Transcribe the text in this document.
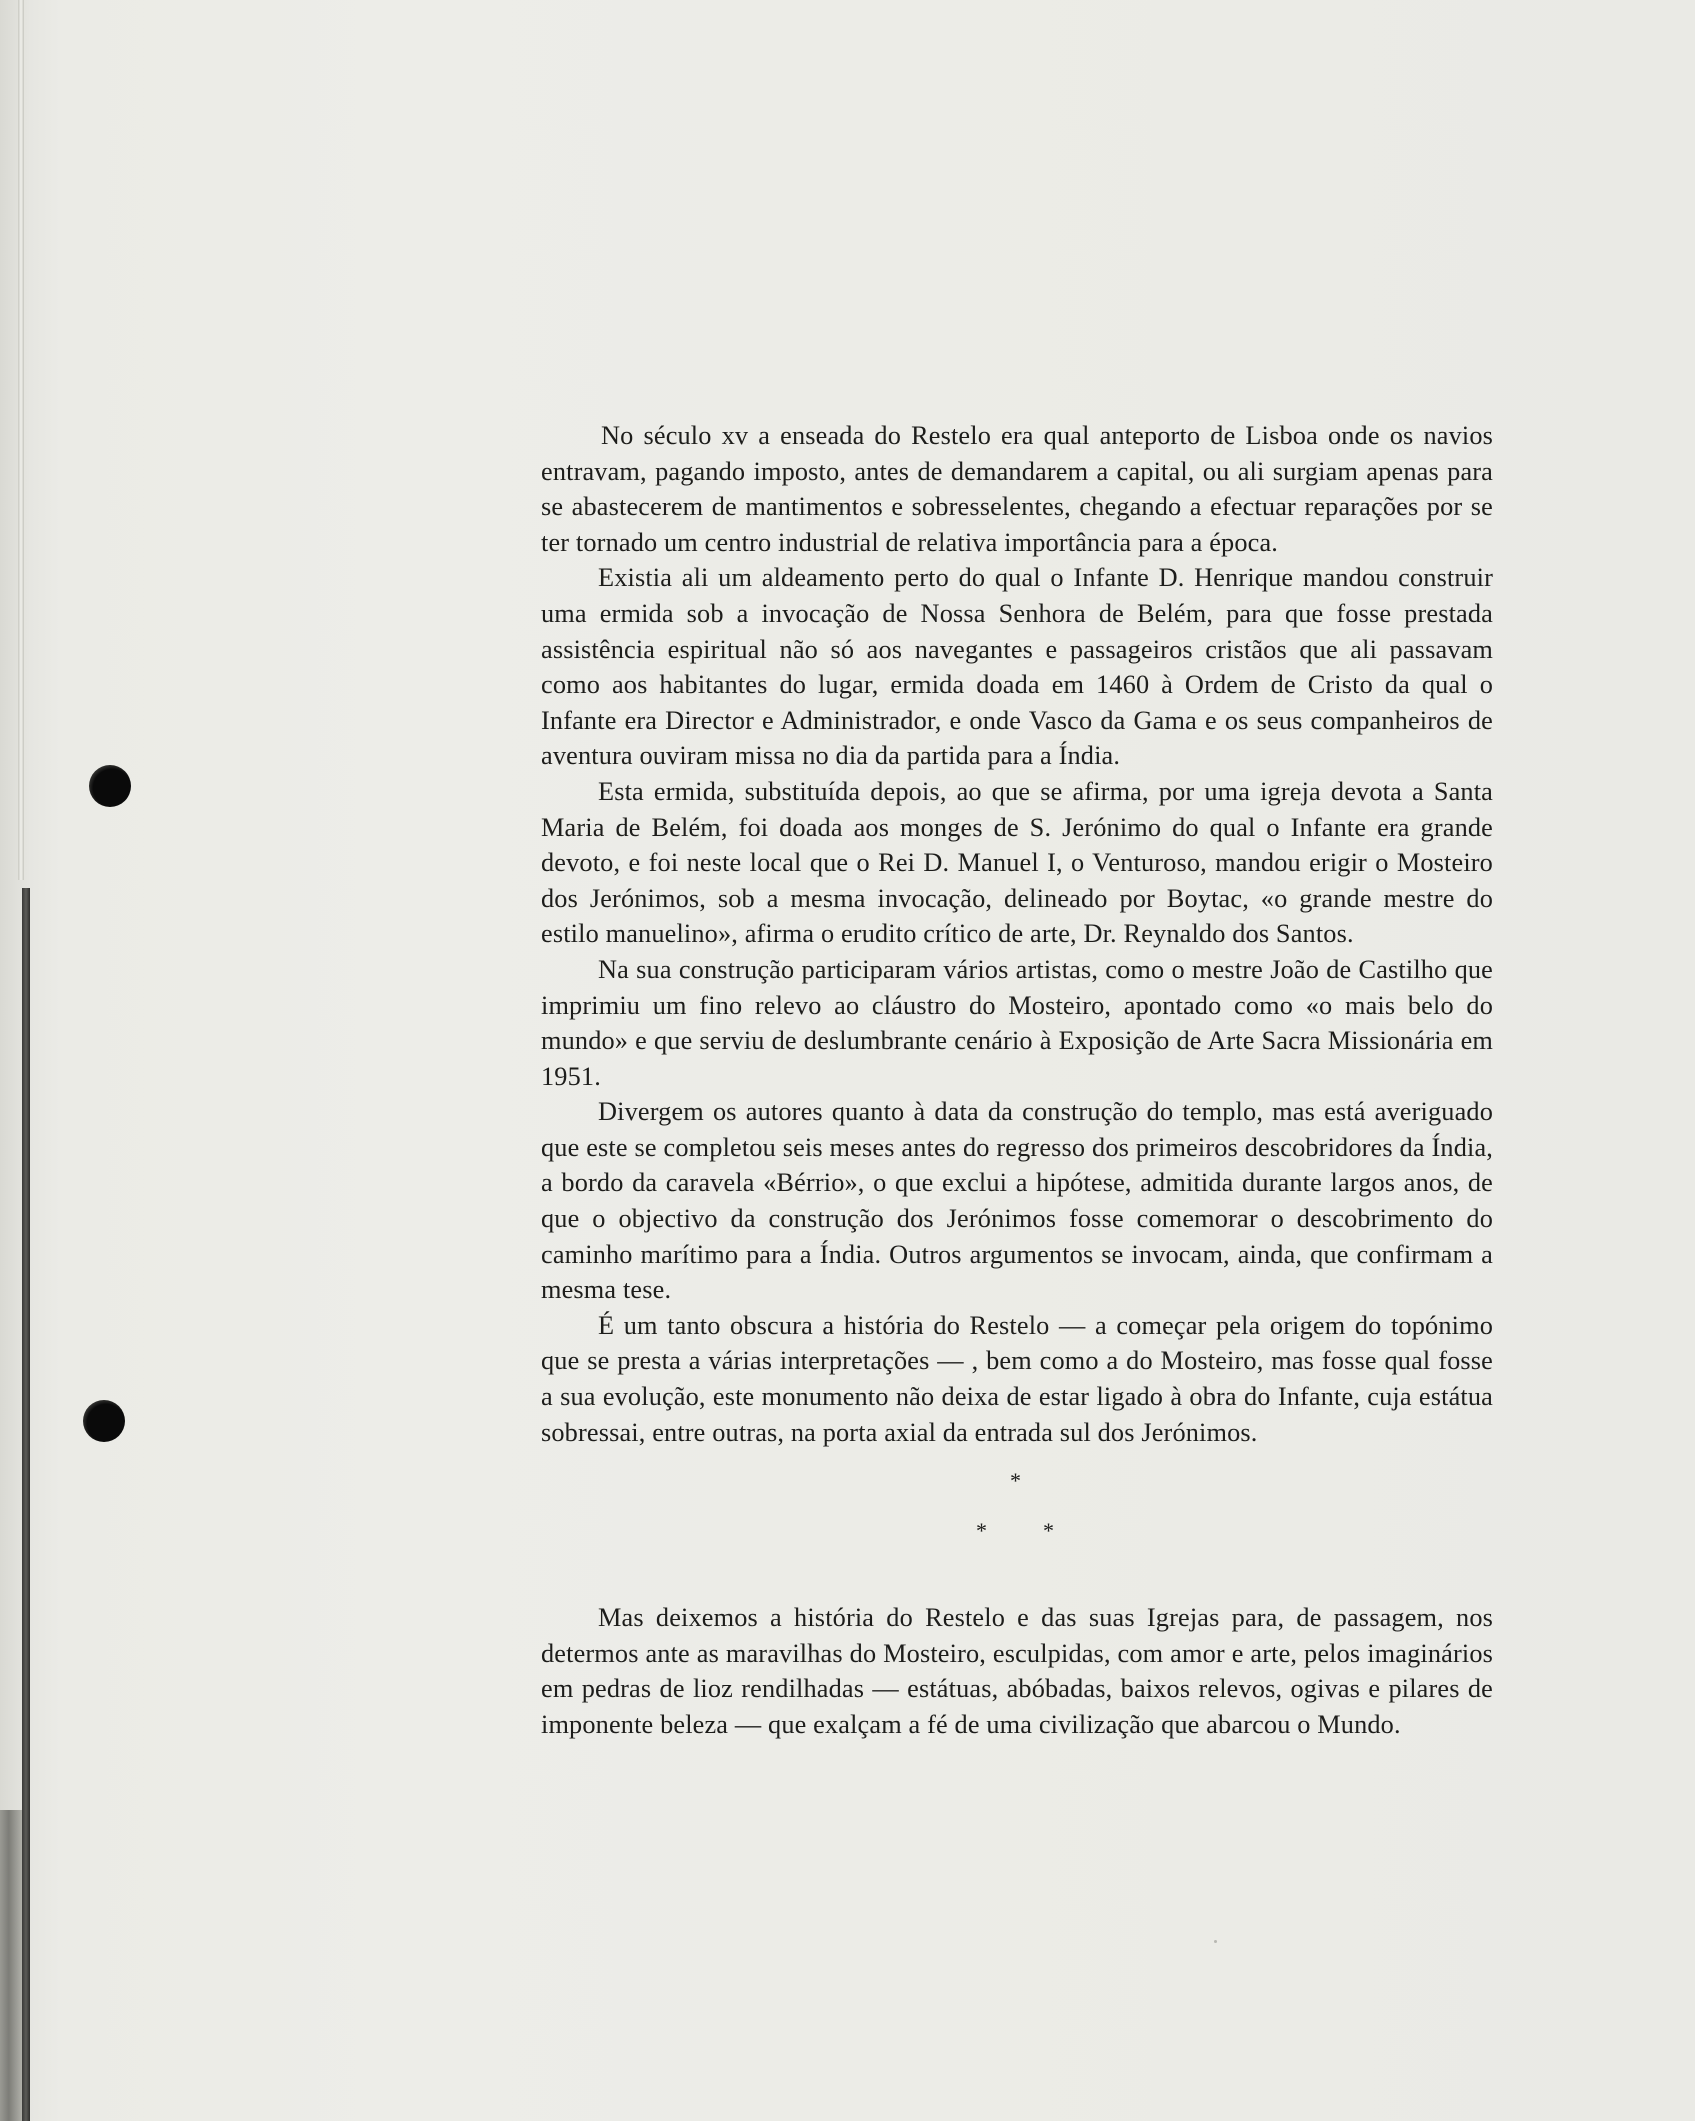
No século xv a enseada do Restelo era qual anteporto de Lisboa onde os navios entravam, pagando imposto, antes de demandarem a capital, ou ali surgiam apenas para se abastecerem de mantimentos e sobresselentes, chegando a efectuar reparações por se ter tornado um centro industrial de relativa importância para a época.

Existia ali um aldeamento perto do qual o Infante D. Henrique mandou construir uma ermida sob a invocação de Nossa Senhora de Belém, para que fosse prestada assistência espiritual não só aos navegantes e passageiros cristãos que ali passavam como aos habitantes do lugar, ermida doada em 1460 à Ordem de Cristo da qual o Infante era Director e Administrador, e onde Vasco da Gama e os seus companheiros de aventura ouviram missa no dia da partida para a Índia.

Esta ermida, substituída depois, ao que se afirma, por uma igreja devota a Santa Maria de Belém, foi doada aos monges de S. Jerónimo do qual o Infante era grande devoto, e foi neste local que o Rei D. Manuel I, o Venturoso, mandou erigir o Mosteiro dos Jerónimos, sob a mesma invocação, delineado por Boytac, «o grande mestre do estilo manuelino», afirma o erudito crítico de arte, Dr. Reynaldo dos Santos.

Na sua construção participaram vários artistas, como o mestre João de Castilho que imprimiu um fino relevo ao cláustro do Mosteiro, apontado como «o mais belo do mundo» e que serviu de deslumbrante cenário à Exposição de Arte Sacra Missionária em 1951.

Divergem os autores quanto à data da construção do templo, mas está averiguado que este se completou seis meses antes do regresso dos primeiros descobridores da Índia, a bordo da caravela «Bérrio», o que exclui a hipótese, admitida durante largos anos, de que o objectivo da construção dos Jerónimos fosse comemorar o descobrimento do caminho marítimo para a Índia. Outros argumentos se invocam, ainda, que confirmam a mesma tese.

É um tanto obscura a história do Restelo — a começar pela origem do topónimo que se presta a várias interpretações — , bem como a do Mosteiro, mas fosse qual fosse a sua evolução, este monumento não deixa de estar ligado à obra do Infante, cuja estátua sobressai, entre outras, na porta axial da entrada sul dos Jerónimos.

*
*	*

Mas deixemos a história do Restelo e das suas Igrejas para, de passagem, nos determos ante as maravilhas do Mosteiro, esculpidas, com amor e arte, pelos imaginários em pedras de lioz rendilhadas — estátuas, abóbadas, baixos relevos, ogivas e pilares de imponente beleza — que exalçam a fé de uma civilização que abarcou o Mundo.
